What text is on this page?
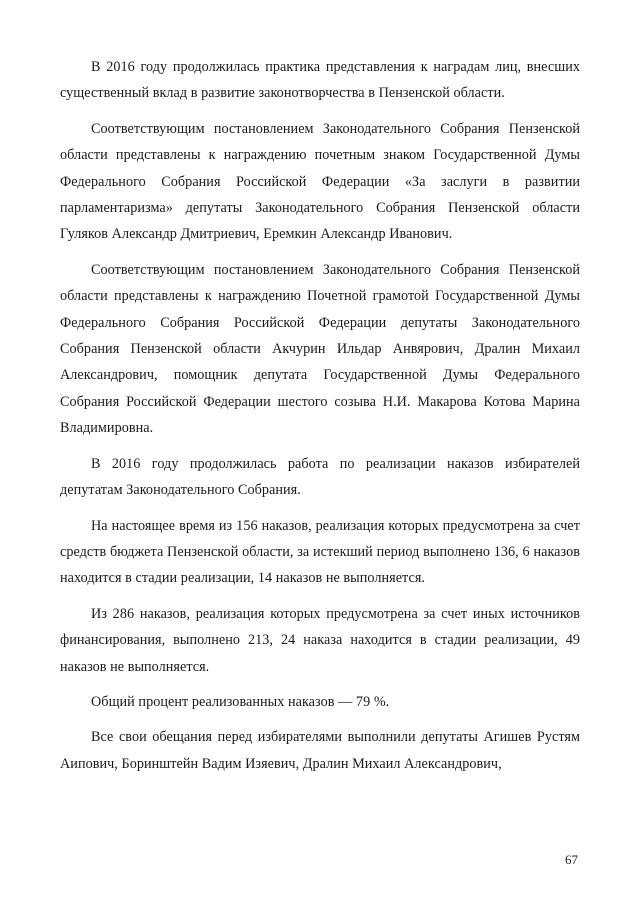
В 2016 году продолжилась практика представления к наградам лиц, внесших существенный вклад в развитие законотворчества в Пензенской области.

Соответствующим постановлением Законодательного Собрания Пензенской области представлены к награждению почетным знаком Государственной Думы Федерального Собрания Российской Федерации «За заслуги в развитии парламентаризма» депутаты Законодательного Собрания Пензенской области Гуляков Александр Дмитриевич, Еремкин Александр Иванович.

Соответствующим постановлением Законодательного Собрания Пензенской области представлены к награждению Почетной грамотой Государственной Думы Федерального Собрания Российской Федерации депутаты Законодательного Собрания Пензенской области Акчурин Ильдар Анвярович, Дралин Михаил Александрович, помощник депутата Государственной Думы Федерального Собрания Российской Федерации шестого созыва Н.И. Макарова Котова Марина Владимировна.

В 2016 году продолжилась работа по реализации наказов избирателей депутатам Законодательного Собрания.

На настоящее время из 156 наказов, реализация которых предусмотрена за счет средств бюджета Пензенской области, за истекший период выполнено 136, 6 наказов находится в стадии реализации, 14 наказов не выполняется.

Из 286 наказов, реализация которых предусмотрена за счет иных источников финансирования, выполнено 213, 24 наказа находится в стадии реализации, 49 наказов не выполняется.

Общий процент реализованных наказов — 79 %.

Все свои обещания перед избирателями выполнили депутаты Агишев Рустям Аипович, Боринштейн Вадим Изяевич, Дралин Михаил Александрович,

67
